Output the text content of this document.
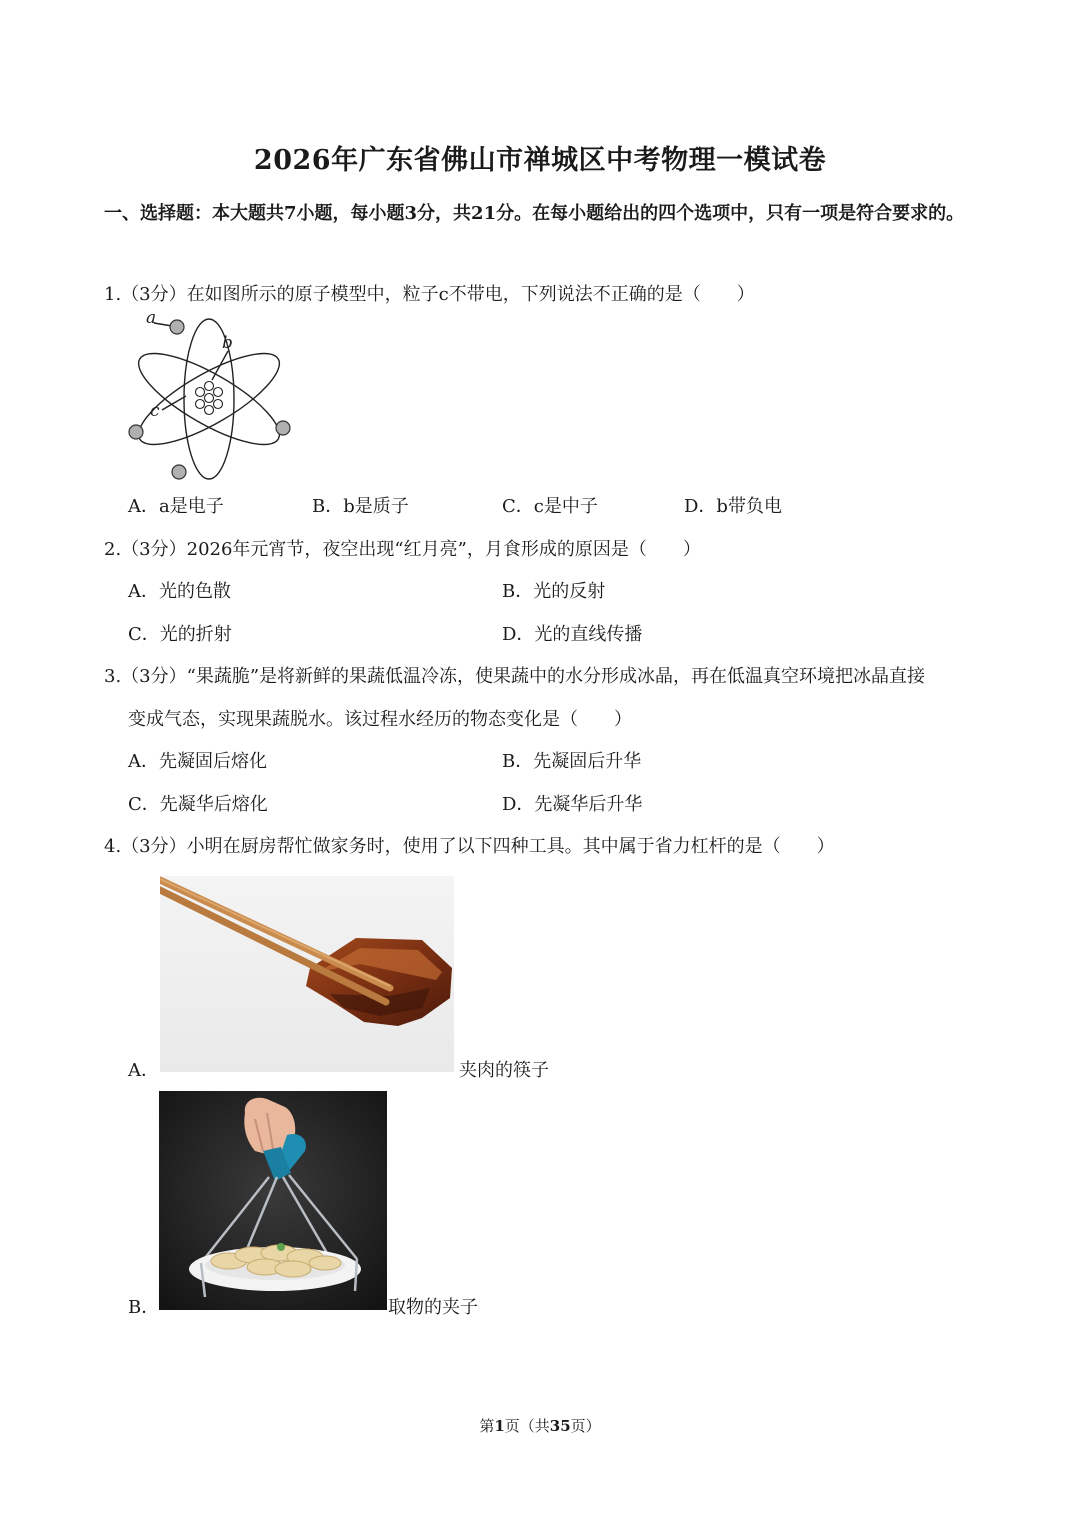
2026年广东省佛山市禅城区中考物理一模试卷
一、选择题：本大题共7小题，每小题3分，共21分。在每小题给出的四个选项中，只有一项是符合要求的。
1.（3分）在如图所示的原子模型中，粒子c不带电，下列说法不正确的是（　　）
a
b
c
A．a是电子	B．b是质子	C．c是中子	D．b带负电
2.（3分）2026年元宵节，夜空出现“红月亮”，月食形成的原因是（　　）
A．光的色散	B．光的反射
C．光的折射	D．光的直线传播
3.（3分）“果蔬脆”是将新鲜的果蔬低温冷冻，使果蔬中的水分形成冰晶，再在低温真空环境把冰晶直接
变成气态，实现果蔬脱水。该过程水经历的物态变化是（　　）
A．先凝固后熔化	B．先凝固后升华
C．先凝华后熔化	D．先凝华后升华
4.（3分）小明在厨房帮忙做家务时，使用了以下四种工具。其中属于省力杠杆的是（　　）
A．	夹肉的筷子
B．	取物的夹子
第1页（共35页）
